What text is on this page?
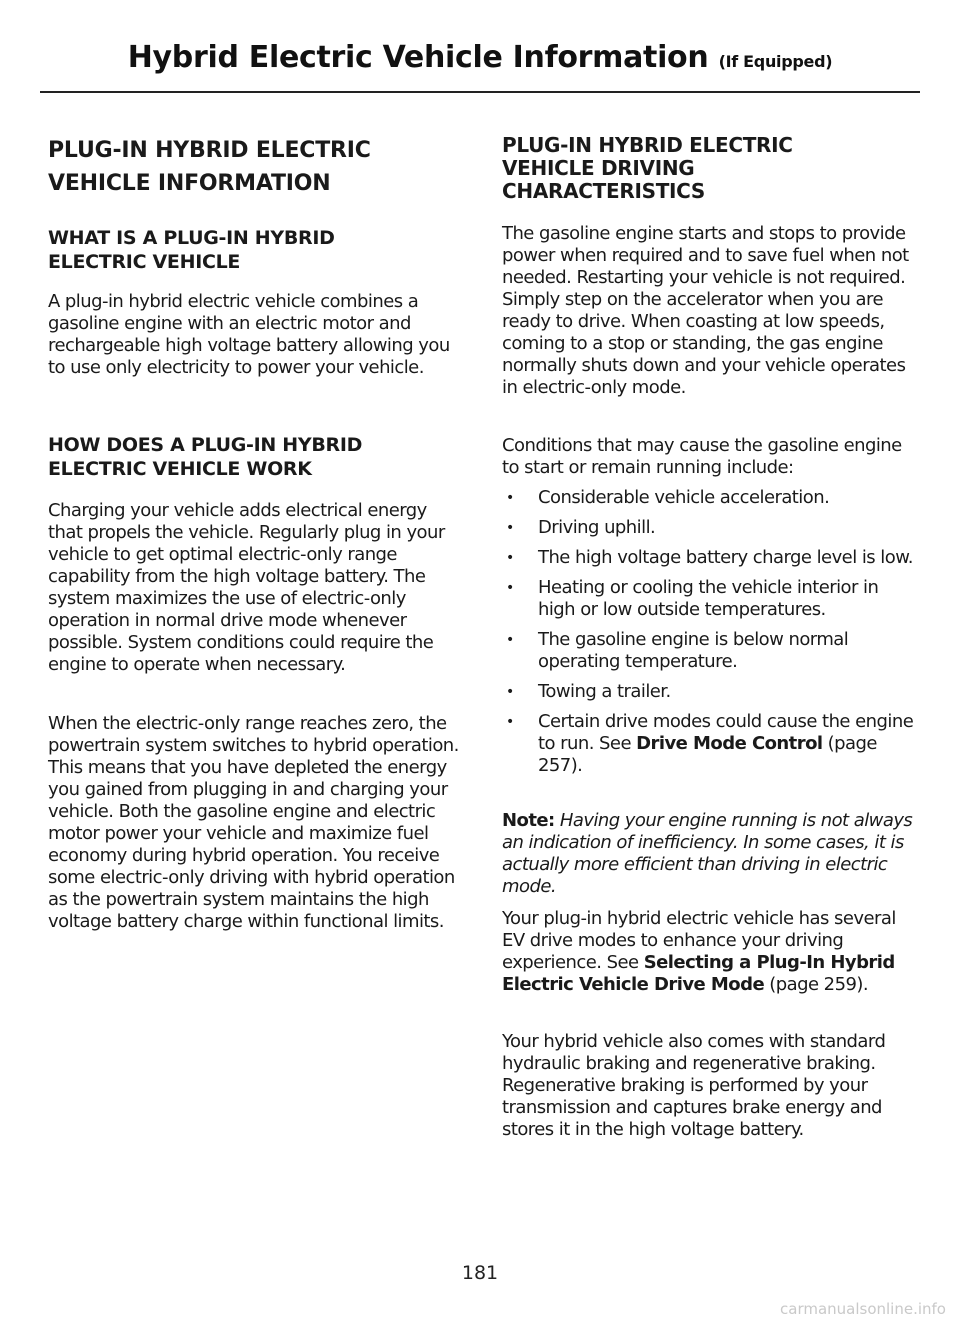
Hybrid Electric Vehicle Information (If Equipped)
PLUG-IN HYBRID ELECTRIC
VEHICLE INFORMATION
WHAT IS A PLUG-IN HYBRID ELECTRIC VEHICLE

A plug-in hybrid electric vehicle combines a gasoline engine with an electric motor and rechargeable high voltage battery allowing you to use only electricity to power your vehicle.

HOW DOES A PLUG-IN HYBRID ELECTRIC VEHICLE WORK

Charging your vehicle adds electrical energy that propels the vehicle. Regularly plug in your vehicle to get optimal electric-only range capability from the high voltage battery. The system maximizes the use of electric-only operation in normal drive mode whenever possible. System conditions could require the engine to operate when necessary.

When the electric-only range reaches zero, the powertrain system switches to hybrid operation. This means that you have depleted the energy you gained from plugging in and charging your vehicle. Both the gasoline engine and electric motor power your vehicle and maximize fuel economy during hybrid operation. You receive some electric-only driving with hybrid operation as the powertrain system maintains the high voltage battery charge within functional limits.

PLUG-IN HYBRID ELECTRIC VEHICLE DRIVING CHARACTERISTICS

The gasoline engine starts and stops to provide power when required and to save fuel when not needed. Restarting your vehicle is not required. Simply step on the accelerator when you are ready to drive. When coasting at low speeds, coming to a stop or standing, the gas engine normally shuts down and your vehicle operates in electric-only mode.

Conditions that may cause the gasoline engine to start or remain running include:

• Considerable vehicle acceleration.
• Driving uphill.
• The high voltage battery charge level is low.
• Heating or cooling the vehicle interior in high or low outside temperatures.
• The gasoline engine is below normal operating temperature.
• Towing a trailer.
• Certain drive modes could cause the engine to run. See Drive Mode Control (page 257).

Note: Having your engine running is not always an indication of inefficiency. In some cases, it is actually more efficient than driving in electric mode.

Your plug-in hybrid electric vehicle has several EV drive modes to enhance your driving experience. See Selecting a Plug-In Hybrid Electric Vehicle Drive Mode (page 259).

Your hybrid vehicle also comes with standard hydraulic braking and regenerative braking. Regenerative braking is performed by your transmission and captures brake energy and stores it in the high voltage battery.

181
carmanualsonline.info
